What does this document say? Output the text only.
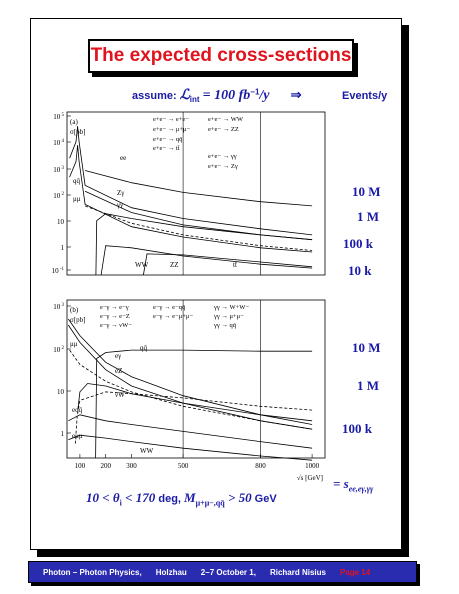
The expected cross-sections
assume: ℒ$_{int}$ = 100 $fb^{-1}/y$ ⇒	Events/y
10 $^5$
10 $^4$
10 $^3$
10 $^2$
10
1
10 $^{-1}$
(a)
σ[pb]
ee
qq̄
μμ
Zγ
γγ
WW	ZZ	tt̄
e+e− → e+e−
e+e− → μ+μ−
e+e− → qq̄
e+e− → tt̄
e+e− → WW
e+e− → ZZ
e+e− → γγ
e+e− → Zγ
10 $^3$
10 $^2$
10
1
(b)
σ[pb]
μμ	qq̄
eγ
eZ
νW
eqq̄
eμμ
WW
e−γ → e−γ
e−γ → e−Z
e−γ → νW−
e−γ → e−qq̄
e−γ → e−μ+μ−
γγ → W+W−
γγ → μ+μ−
γγ → qq̄
100 200 300	500	800	1000
√s [GeV]
10 M
1 M
100 k
10 k
10 M
1 M
100 k
= $s_{ee,e\gamma,\gamma\gamma}$
$10 < \theta_i < 170$ deg, $M_{\mu+\mu-,qq̄} > 50$ GeV
Photon – Photon Physics, Holzhau 2–7 October 1, Richard Nisius Page 14
